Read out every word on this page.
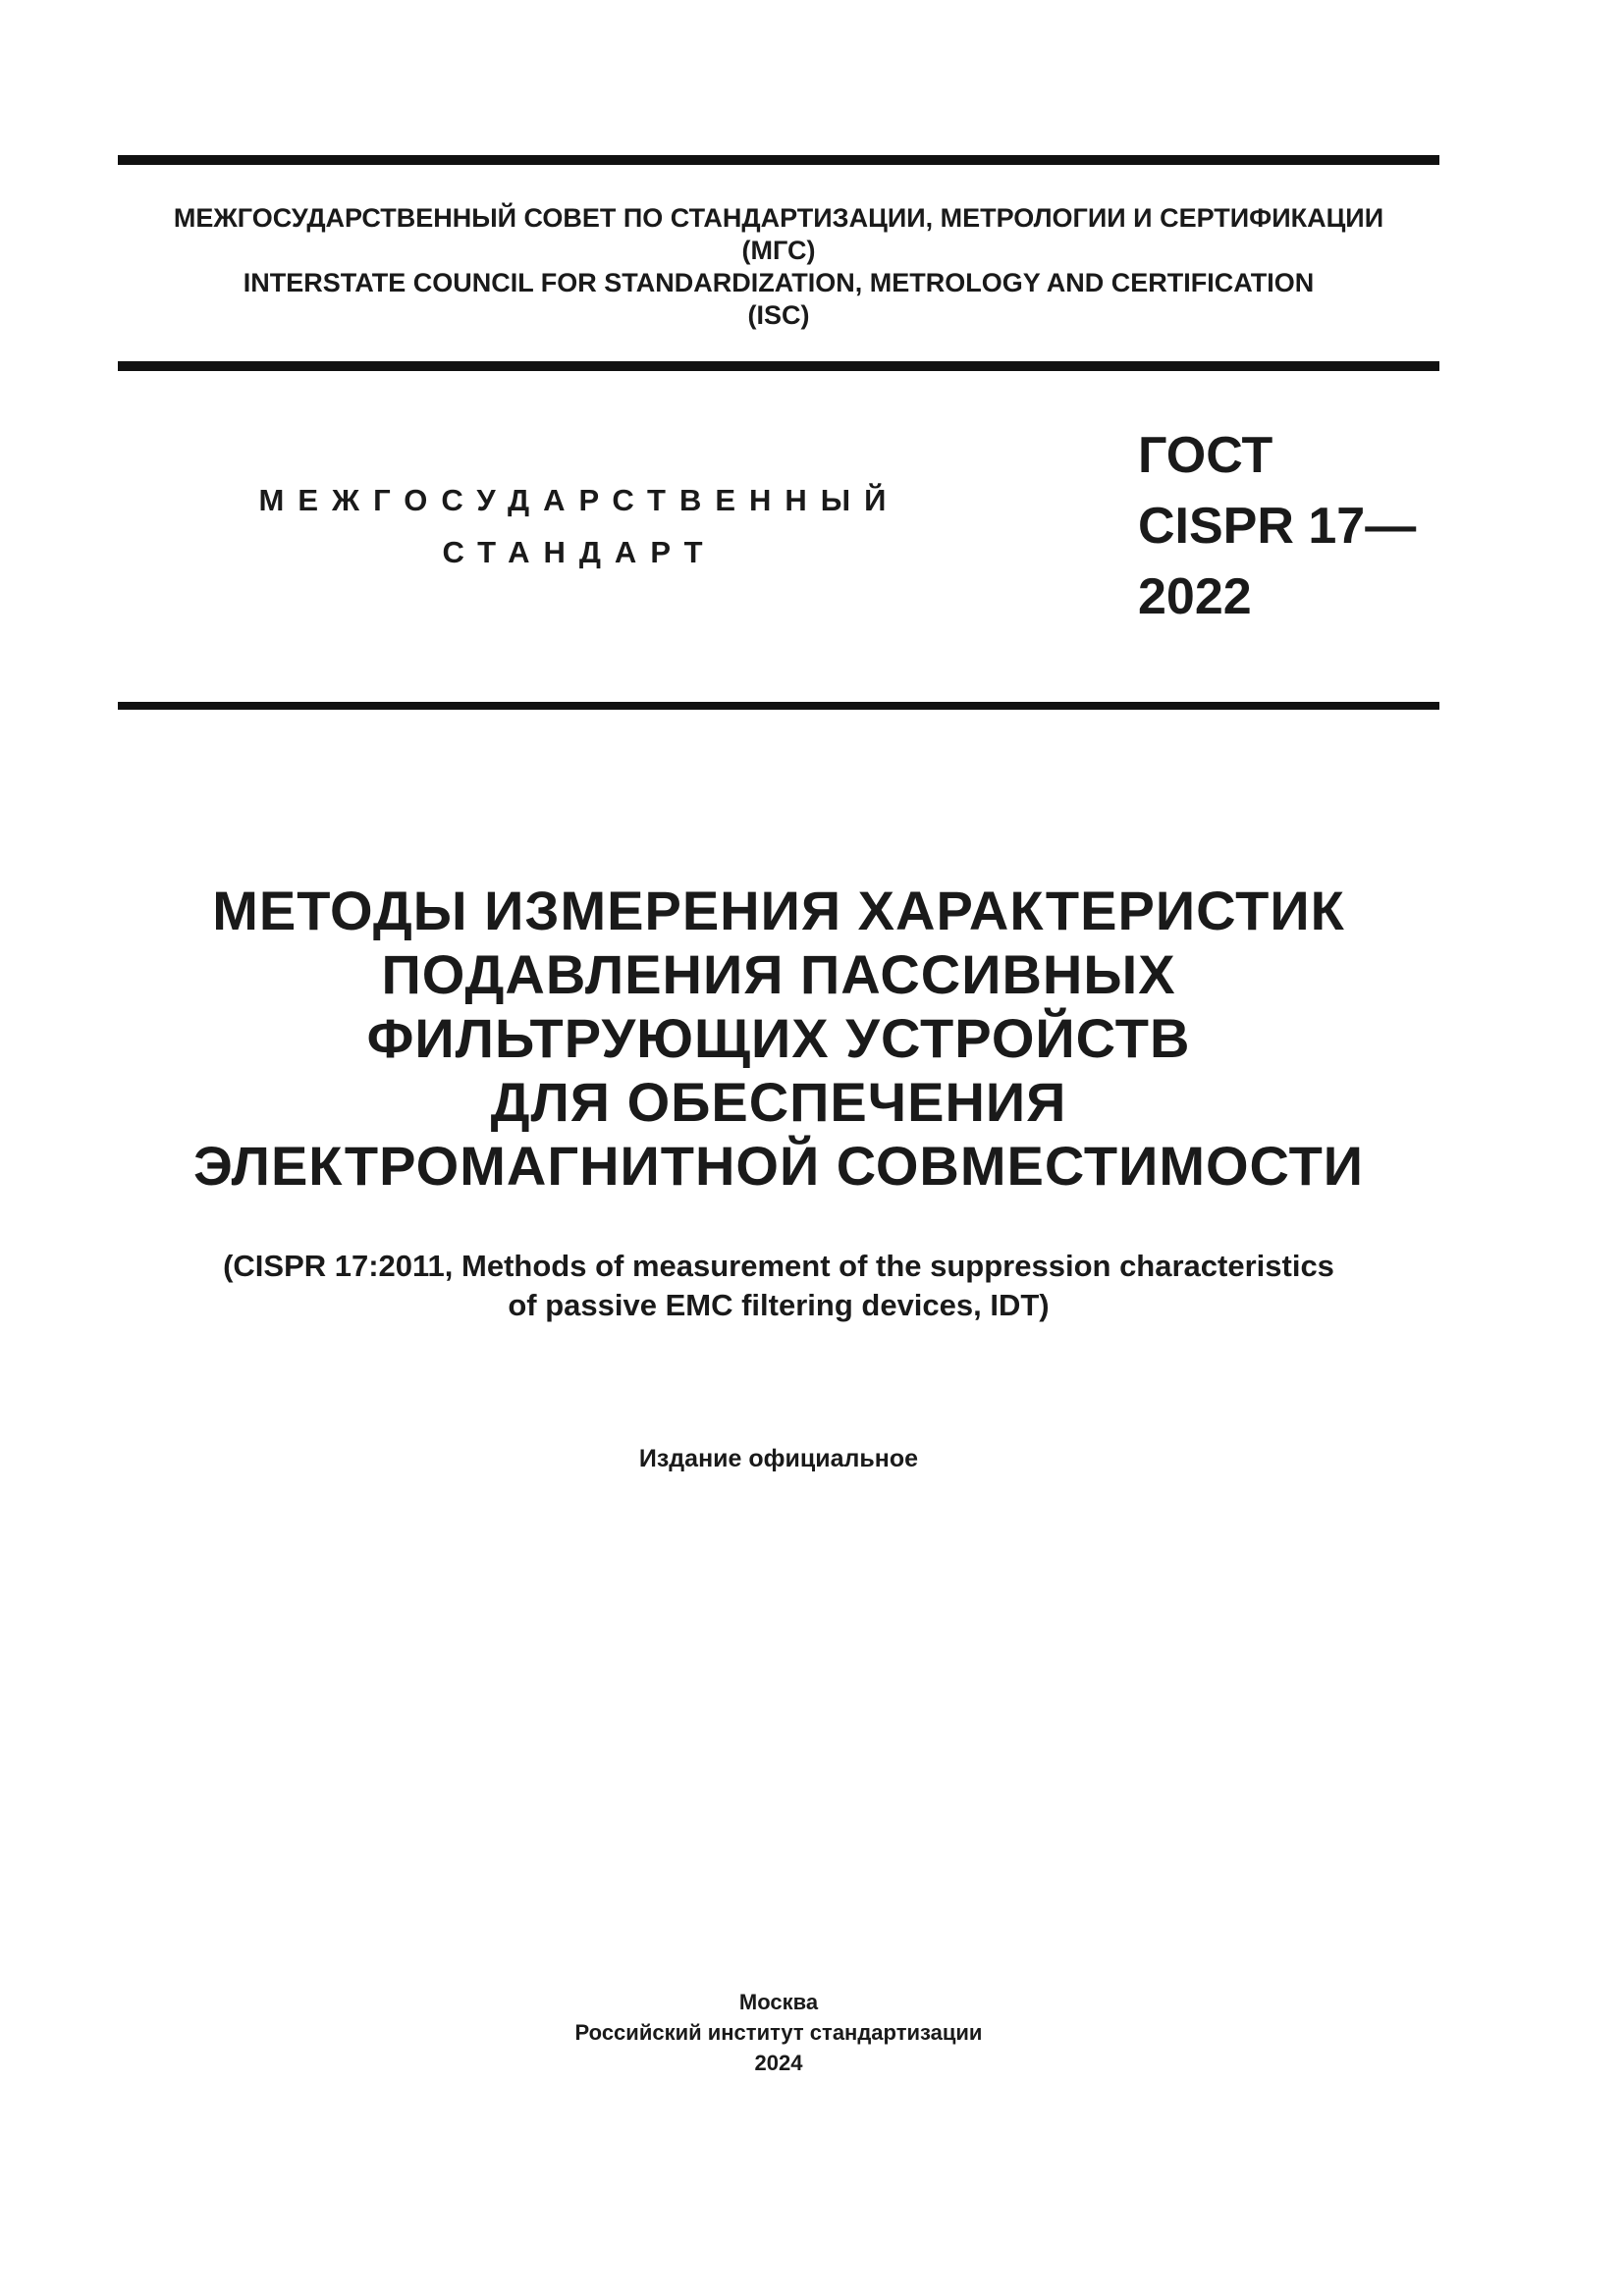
МЕЖГОСУДАРСТВЕННЫЙ СОВЕТ ПО СТАНДАРТИЗАЦИИ, МЕТРОЛОГИИ И СЕРТИФИКАЦИИ
(МГС)
INTERSTATE COUNCIL FOR STANDARDIZATION, METROLOGY AND CERTIFICATION
(ISC)
МЕЖГОСУДАРСТВЕННЫЙ
СТАНДАРТ
ГОСТ
CISPR 17—
2022
МЕТОДЫ ИЗМЕРЕНИЯ ХАРАКТЕРИСТИК
ПОДАВЛЕНИЯ ПАССИВНЫХ
ФИЛЬТРУЮЩИХ УСТРОЙСТВ
ДЛЯ ОБЕСПЕЧЕНИЯ
ЭЛЕКТРОМАГНИТНОЙ СОВМЕСТИМОСТИ
(CISPR 17:2011, Methods of measurement of the suppression characteristics
of passive EMC filtering devices, IDT)
Издание официальное
Москва
Российский институт стандартизации
2024
